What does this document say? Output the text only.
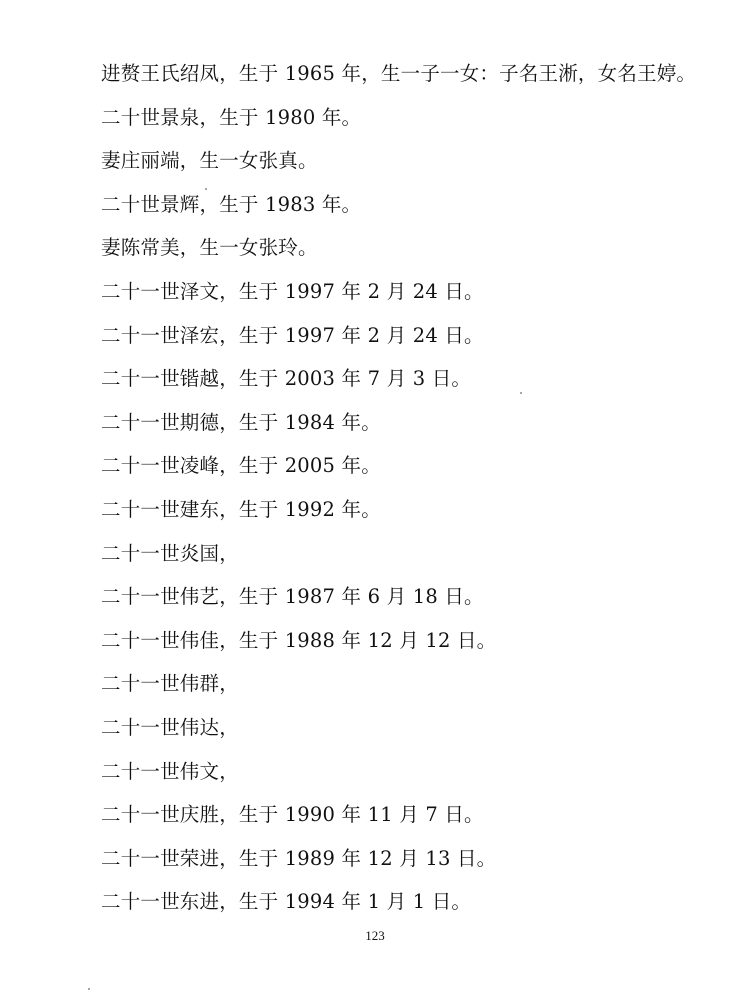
进赘王氏绍凤，生于 1965 年，生一子一女：子名王淅，女名王婷。
二十世景泉，生于 1980 年。
妻庄丽端，生一女张真。
二十世景辉，生于 1983 年。
妻陈常美，生一女张玲。
二十一世泽文，生于 1997 年 2 月 24 日。
二十一世泽宏，生于 1997 年 2 月 24 日。
二十一世锴越，生于 2003 年 7 月 3 日。
二十一世期德，生于 1984 年。
二十一世凌峰，生于 2005 年。
二十一世建东，生于 1992 年。
二十一世炎国，
二十一世伟艺，生于 1987 年 6 月 18 日。
二十一世伟佳，生于 1988 年 12 月 12 日。
二十一世伟群，
二十一世伟达，
二十一世伟文，
二十一世庆胜，生于 1990 年 11 月 7 日。
二十一世荣进，生于 1989 年 12 月 13 日。
二十一世东进，生于 1994 年 1 月 1 日。
123
